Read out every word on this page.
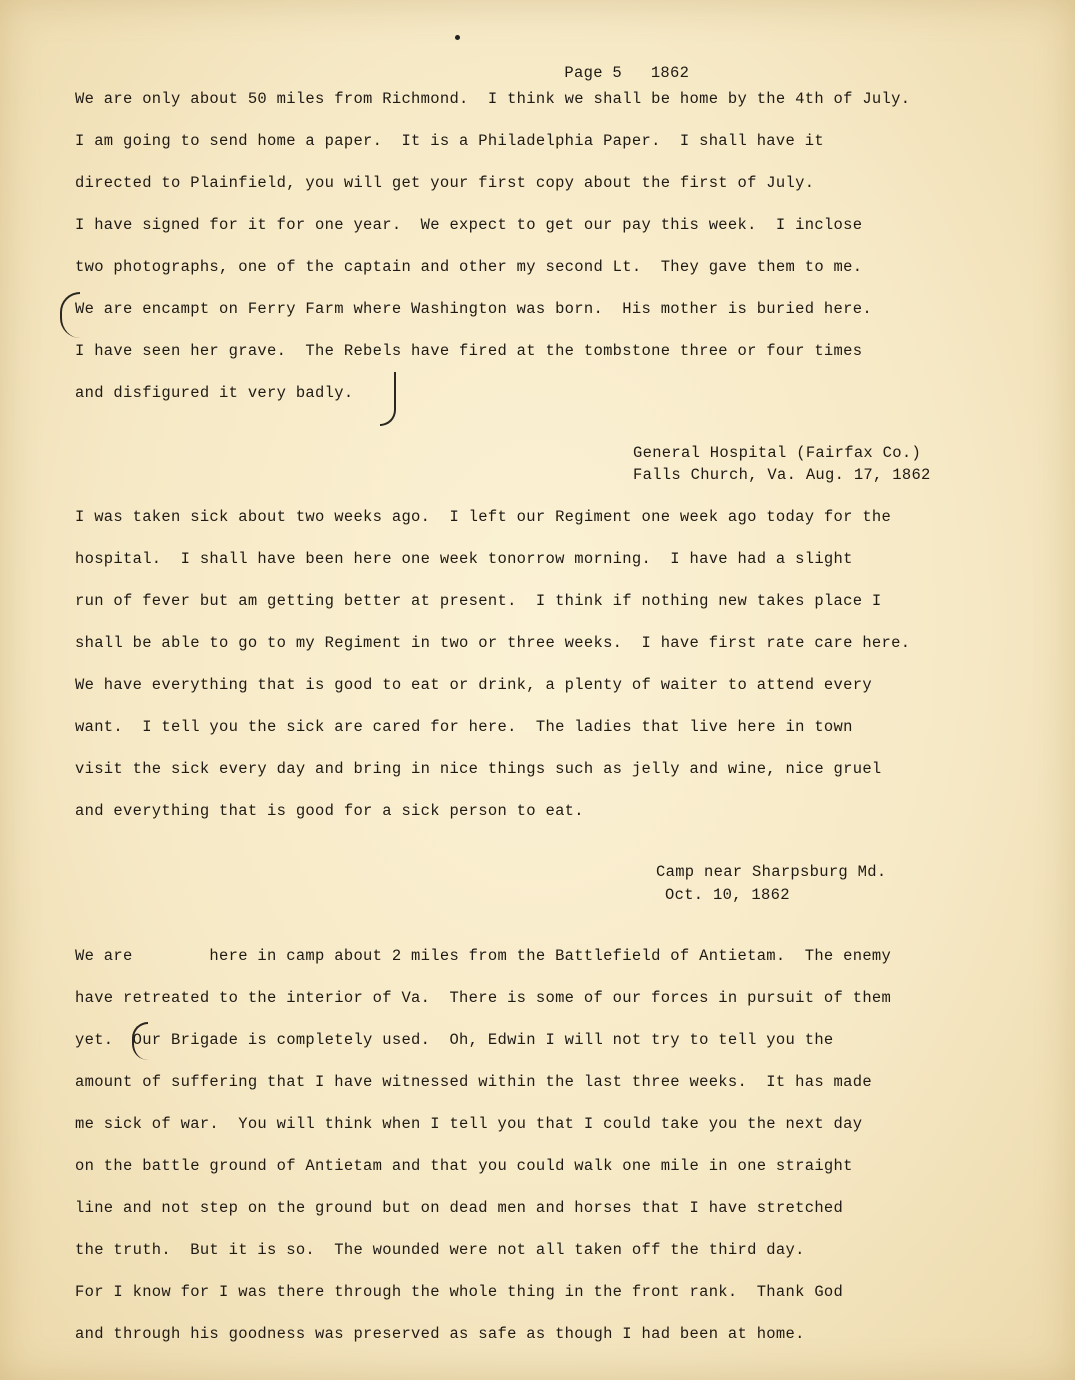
Page 5 1862

We are only about 50 miles from Richmond.  I think we shall be home by the 4th of July.

I am going to send home a paper.  It is a Philadelphia Paper.  I shall have it

directed to Plainfield, you will get your first copy about the first of July.

I have signed for it for one year.  We expect to get our pay this week.  I inclose

two photographs, one of the captain and other my second Lt.  They gave them to me.

We are encampt on Ferry Farm where Washington was born.  His mother is buried here.

I have seen her grave.  The Rebels have fired at the tombstone three or four times

and disfigured it very badly.

General Hospital (Fairfax Co.)
Falls Church, Va. Aug. 17, 1862

I was taken sick about two weeks ago.  I left our Regiment one week ago today for the

hospital.  I shall have been here one week tonorrow morning.  I have had a slight

run of fever but am getting better at present.  I think if nothing new takes place I

shall be able to go to my Regiment in two or three weeks.  I have first rate care here.

We have everything that is good to eat or drink, a plenty of waiter to attend every

want.  I tell you the sick are cared for here.  The ladies that live here in town

visit the sick every day and bring in nice things such as jelly and wine, nice gruel

and everything that is good for a sick person to eat.

Camp near Sharpsburg Md.
Oct. 10, 1862

We are        here in camp about 2 miles from the Battlefield of Antietam.  The enemy

have retreated to the interior of Va.  There is some of our forces in pursuit of them

yet.  Our Brigade is completely used.  Oh, Edwin I will not try to tell you the

amount of suffering that I have witnessed within the last three weeks.  It has made

me sick of war.  You will think when I tell you that I could take you the next day

on the battle ground of Antietam and that you could walk one mile in one straight

line and not step on the ground but on dead men and horses that I have stretched

the truth.  But it is so.  The wounded were not all taken off the third day.

For I know for I was there through the whole thing in the front rank.  Thank God

and through his goodness was preserved as safe as though I had been at home.
